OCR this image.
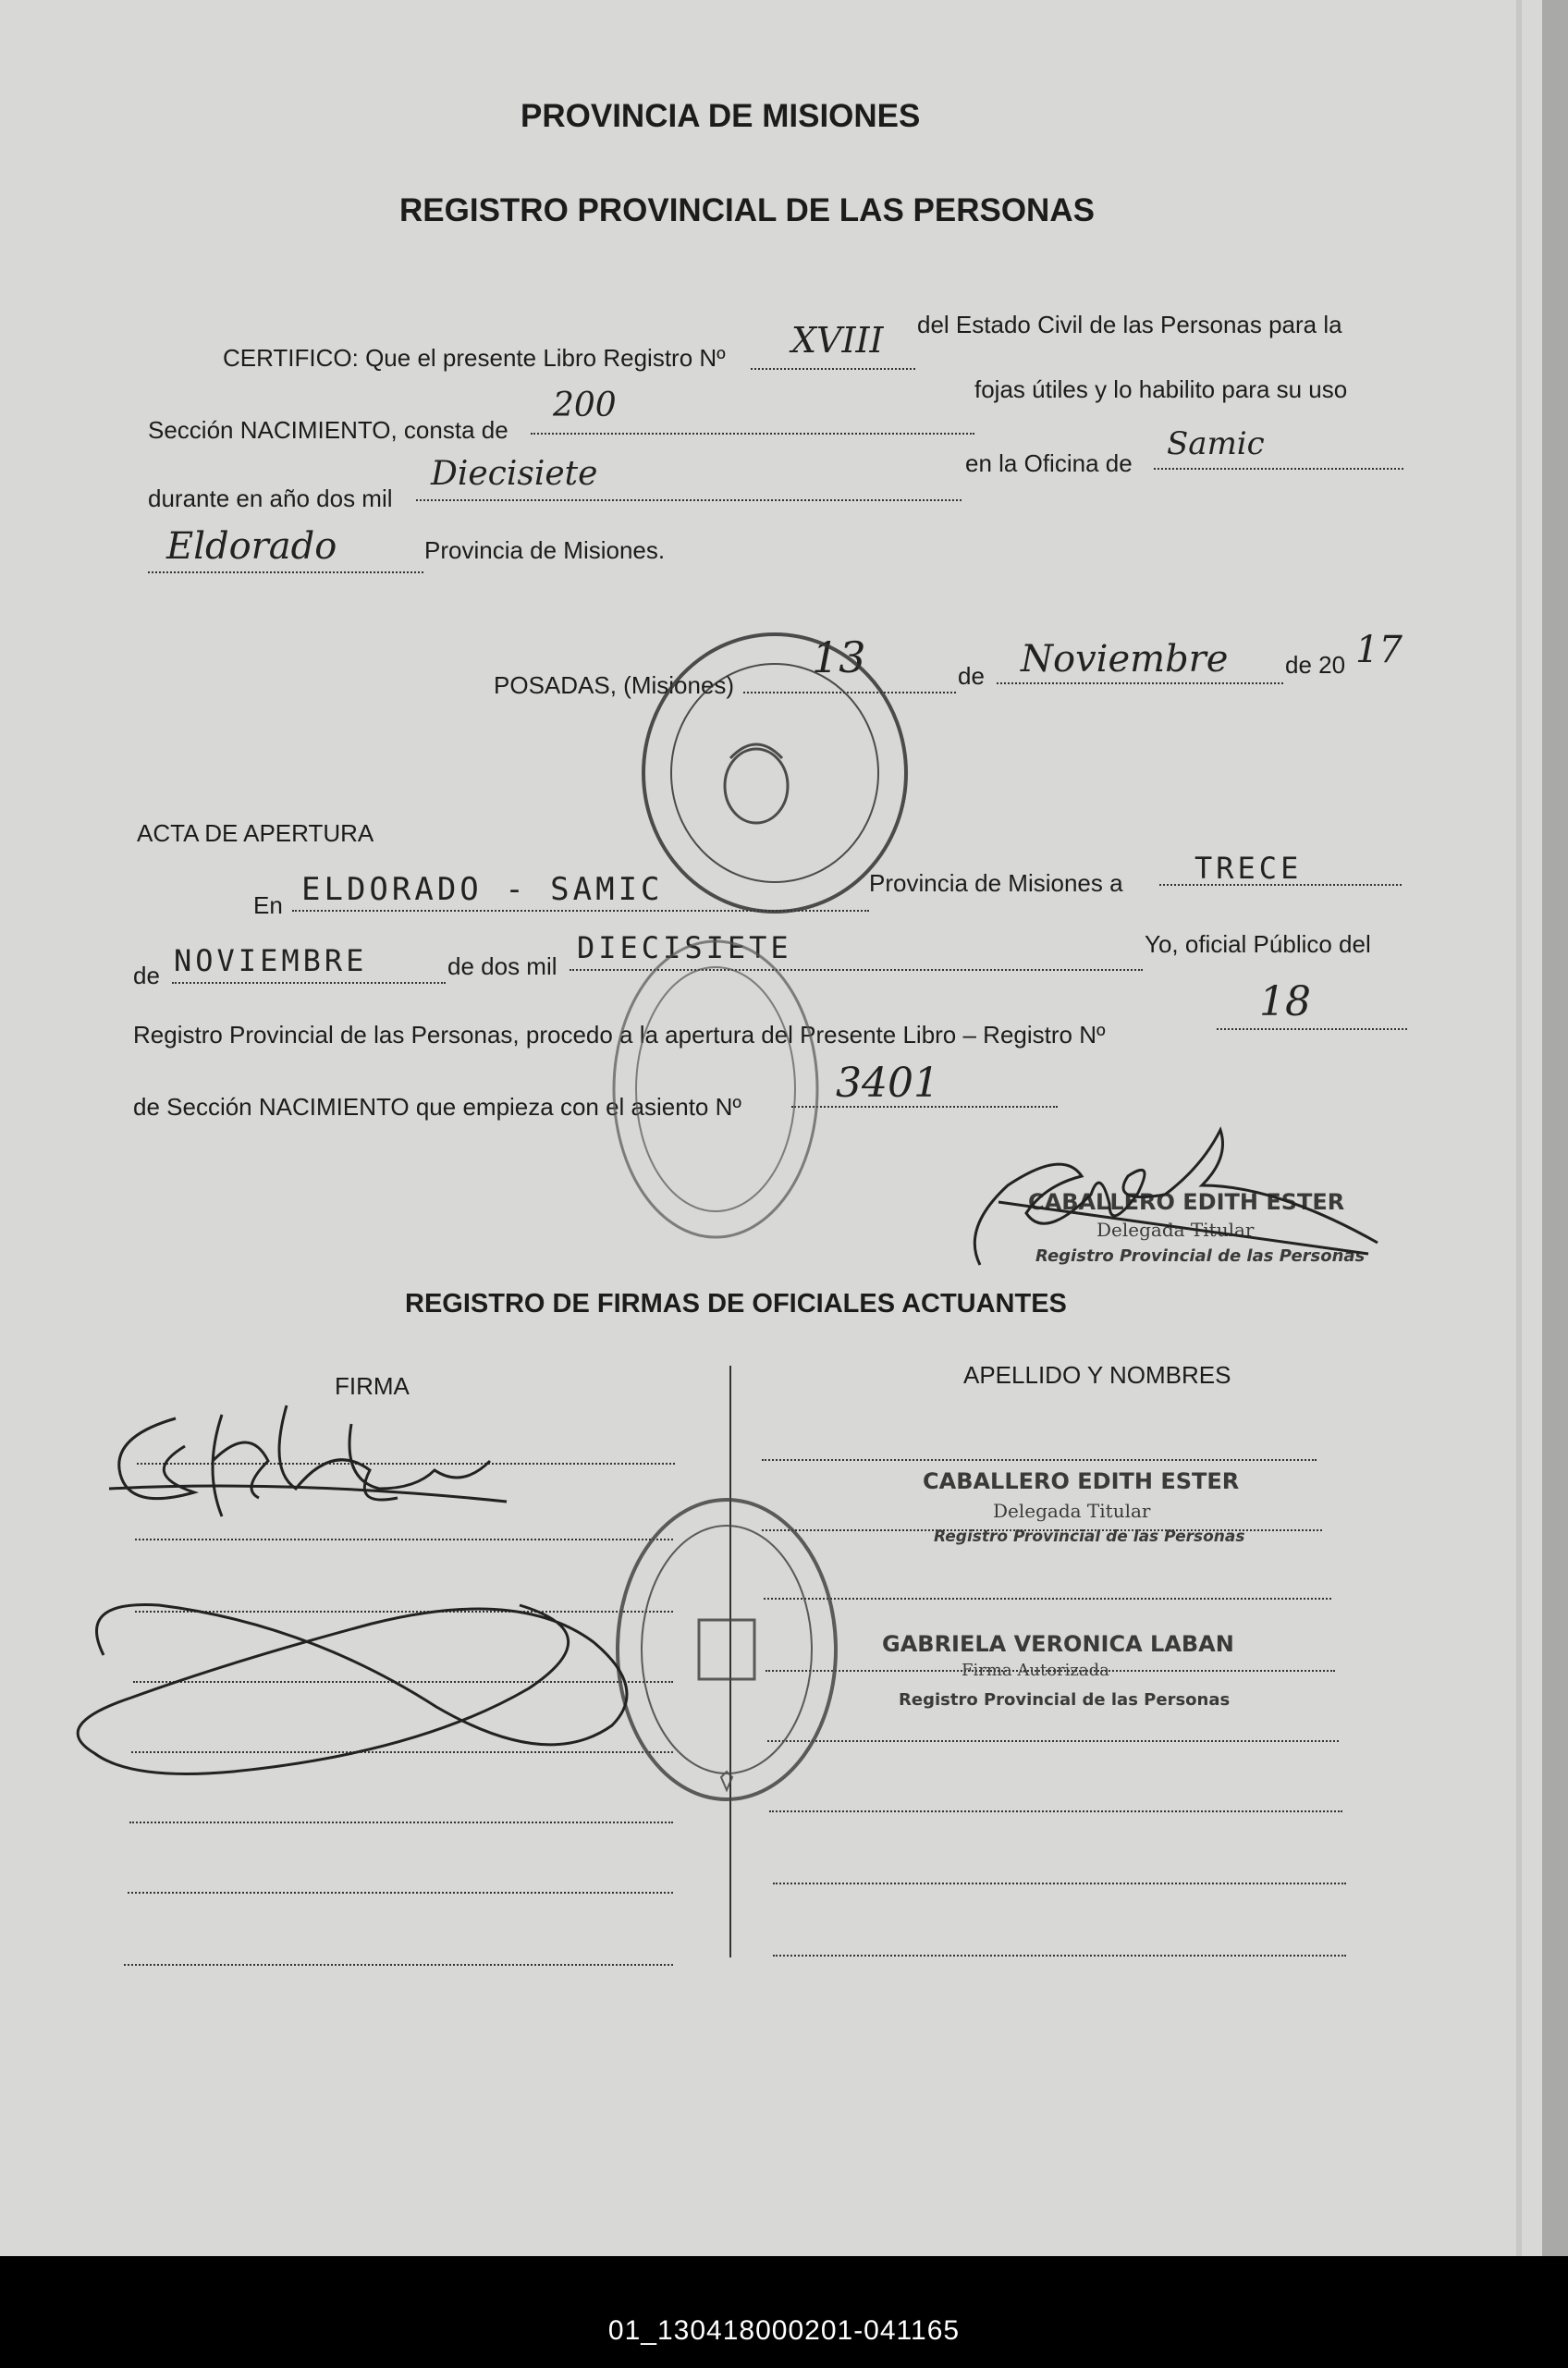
PROVINCIA DE MISIONES
REGISTRO PROVINCIAL DE LAS PERSONAS
CERTIFICO: Que el presente Libro Registro Nº XVIII del Estado Civil de las Personas para la
Sección NACIMIENTO, consta de
200	fojas útiles y lo habilito para su uso
durante en año dos mil
Diecisiete	en la Oficina de
Samic
Eldorado	Provincia de Misiones.
POSADAS, (Misiones)
13	de Noviembre de 20 17
ACTA DE APERTURA
En ELDORADO - SAMIC	Provincia de Misiones a TRECE
de NOVIEMBRE	de dos mil
DIECISIETE	Yo, oficial Público del
Registro Provincial de las Personas, procedo a la apertura del Presente Libro – Registro Nº
18
de Sección NACIMIENTO que empieza con el asiento Nº 3401
CABALLERO EDITH ESTER
Delegada Titular
Registro Provincial de las Personas
REGISTRO DE FIRMAS DE OFICIALES ACTUANTES
FIRMA	APELLIDO Y NOMBRES
CABALLERO EDITH ESTER
Delegada Titular
Registro Provincial de las Personas
GABRIELA VERONICA LABAN
Firma Autorizada
Registro Provincial de las Personas
01_130418000201-041165
